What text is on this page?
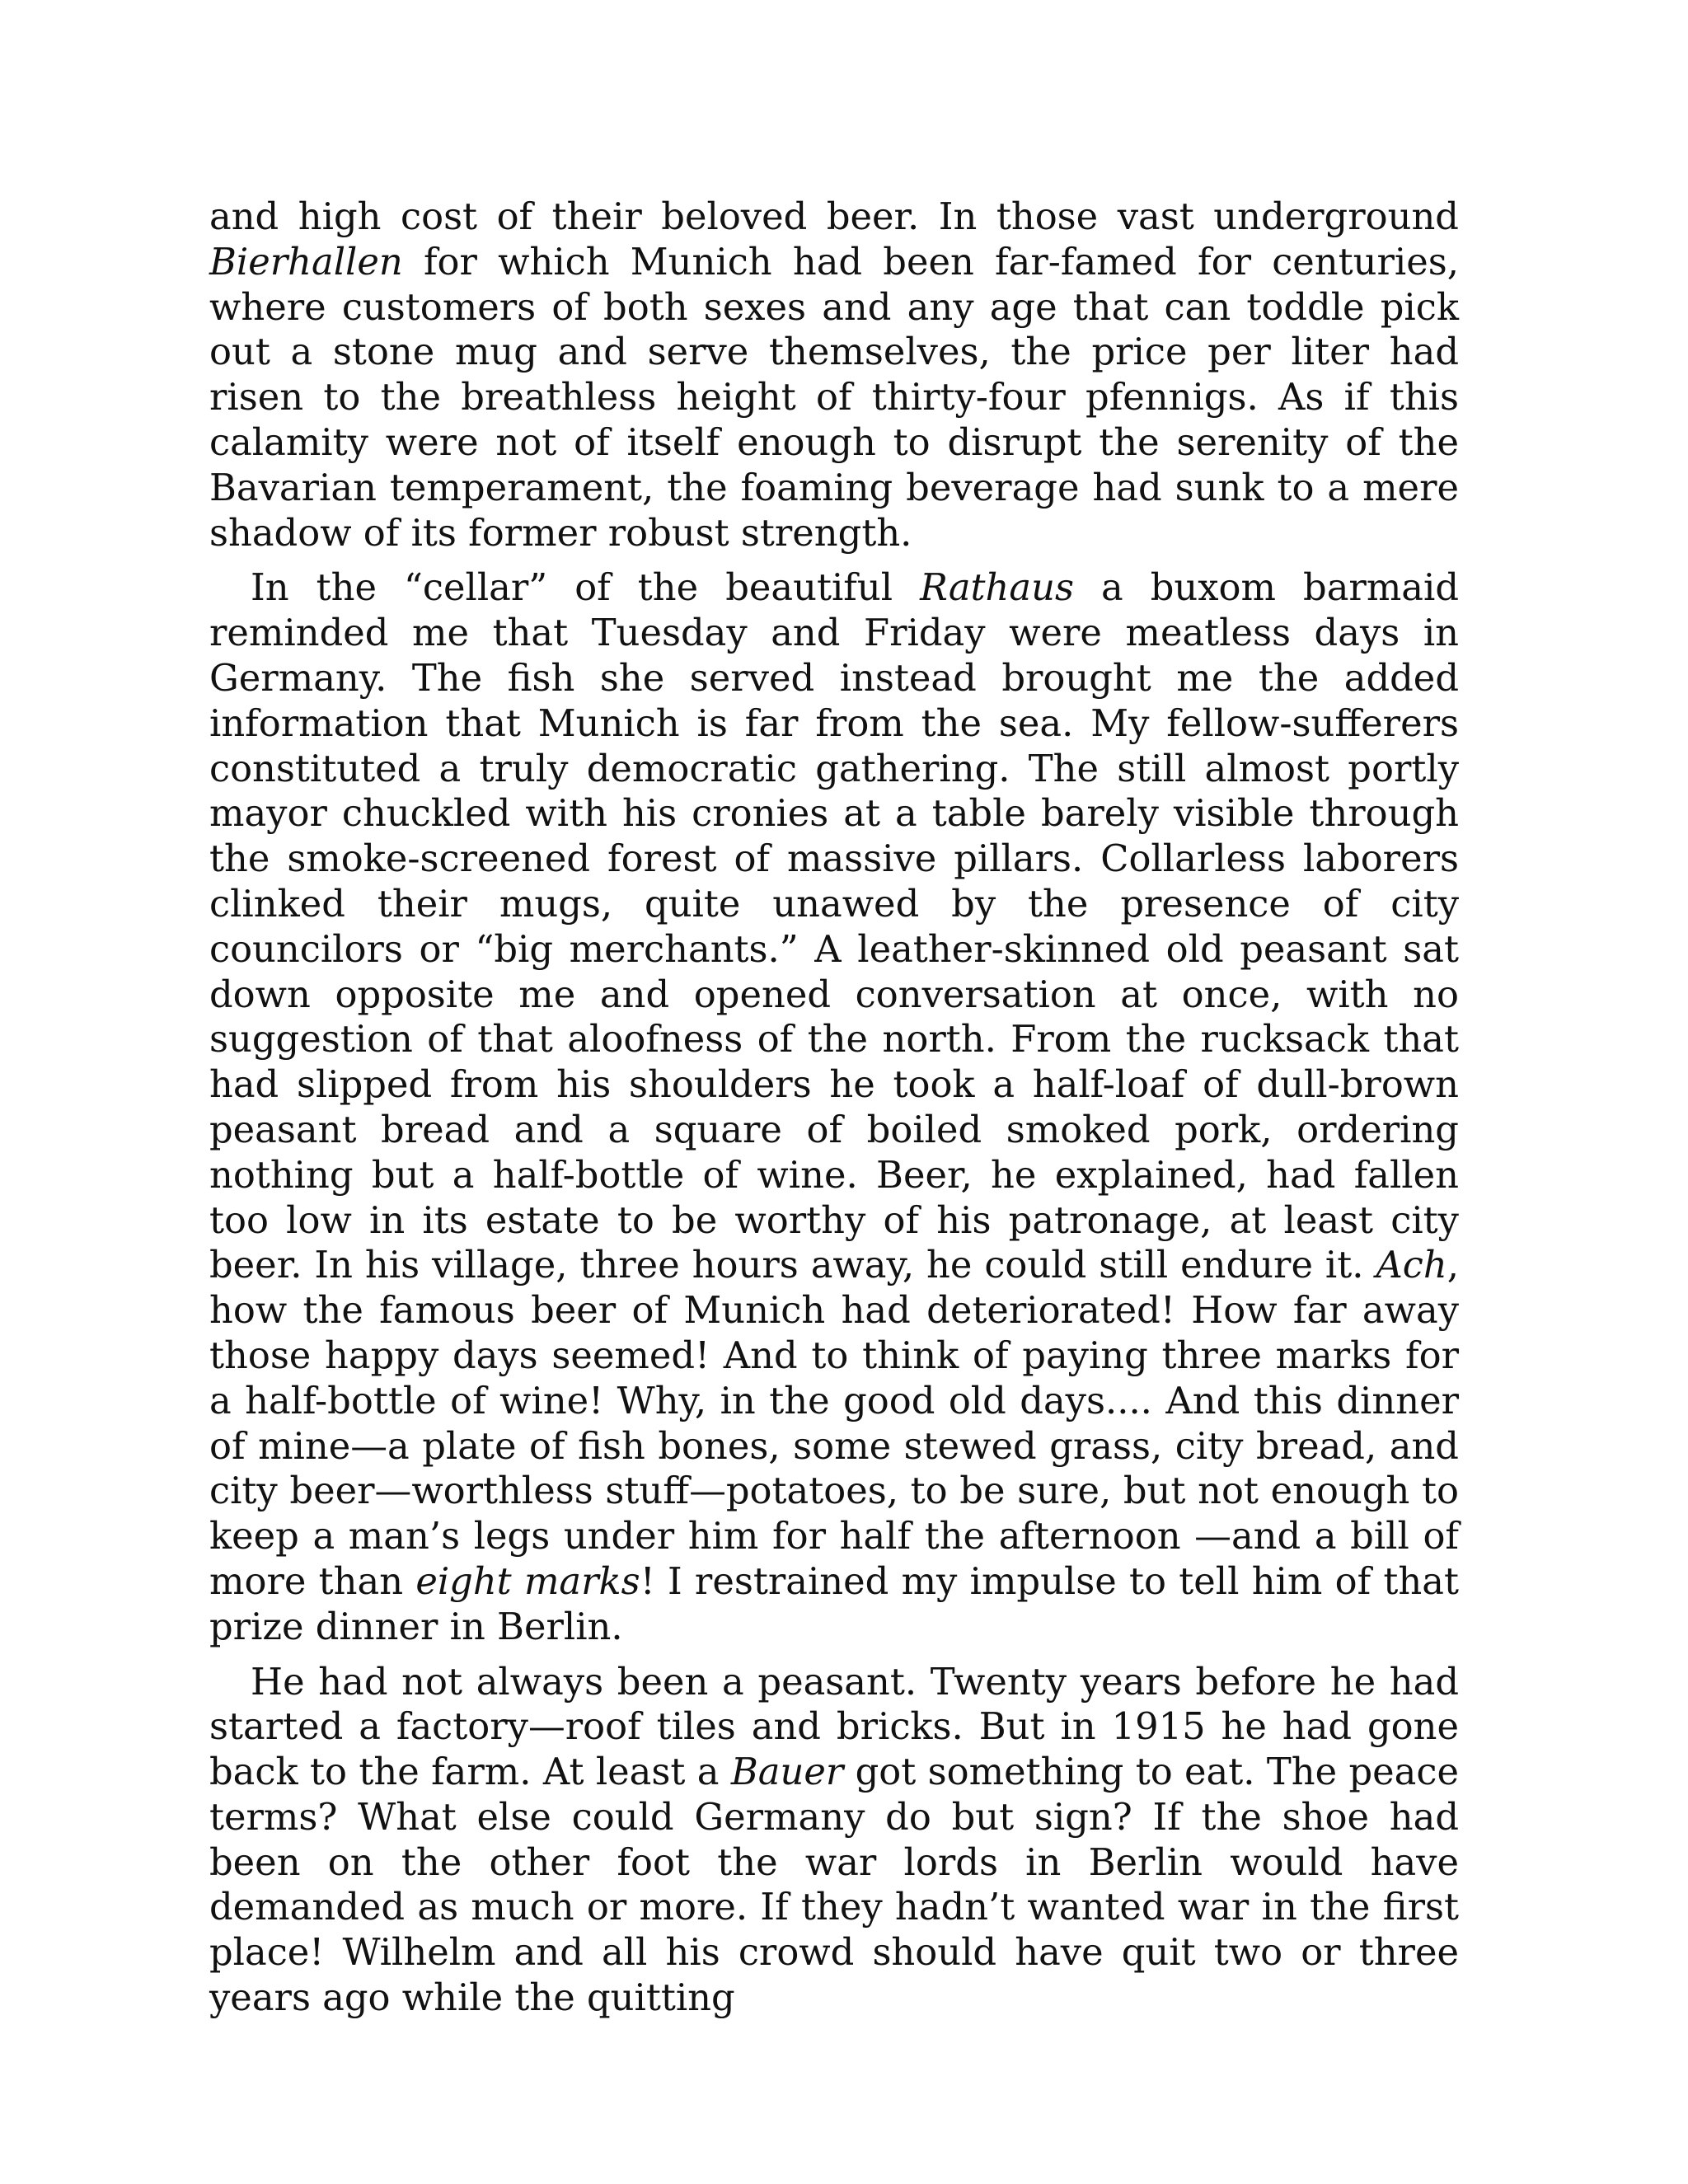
and high cost of their beloved beer. In those vast underground Bierhallen for which Munich had been far-famed for centuries, where customers of both sexes and any age that can toddle pick out a stone mug and serve themselves, the price per liter had risen to the breathless height of thirty-four pfennigs. As if this calamity were not of itself enough to disrupt the serenity of the Bavarian temperament, the foaming beverage had sunk to a mere shadow of its former robust strength.

In the “cellar” of the beautiful Rathaus a buxom barmaid reminded me that Tuesday and Friday were meatless days in Germany. The fish she served instead brought me the added information that Munich is far from the sea. My fellow-sufferers constituted a truly democratic gathering. The still almost portly mayor chuckled with his cronies at a table barely visible through the smoke-screened forest of massive pillars. Collarless laborers clinked their mugs, quite unawed by the presence of city councilors or “big merchants.” A leather-skinned old peasant sat down opposite me and opened conversation at once, with no suggestion of that aloofness of the north. From the rucksack that had slipped from his shoulders he took a half-loaf of dull-brown peasant bread and a square of boiled smoked pork, ordering nothing but a half-bottle of wine. Beer, he explained, had fallen too low in its estate to be worthy of his patronage, at least city beer. In his village, three hours away, he could still endure it. Ach, how the famous beer of Munich had deteriorated! How far away those happy days seemed! And to think of paying three marks for a half-bottle of wine! Why, in the good old days.... And this dinner of mine—a plate of fish bones, some stewed grass, city bread, and city beer—worthless stuff—potatoes, to be sure, but not enough to keep a man’s legs under him for half the afternoon —and a bill of more than eight marks! I restrained my impulse to tell him of that prize dinner in Berlin.

He had not always been a peasant. Twenty years before he had started a factory—roof tiles and bricks. But in 1915 he had gone back to the farm. At least a Bauer got something to eat. The peace terms? What else could Germany do but sign? If the shoe had been on the other foot the war lords in Berlin would have demanded as much or more. If they hadn’t wanted war in the first place! Wilhelm and all his crowd should have quit two or three years ago while the quitting
